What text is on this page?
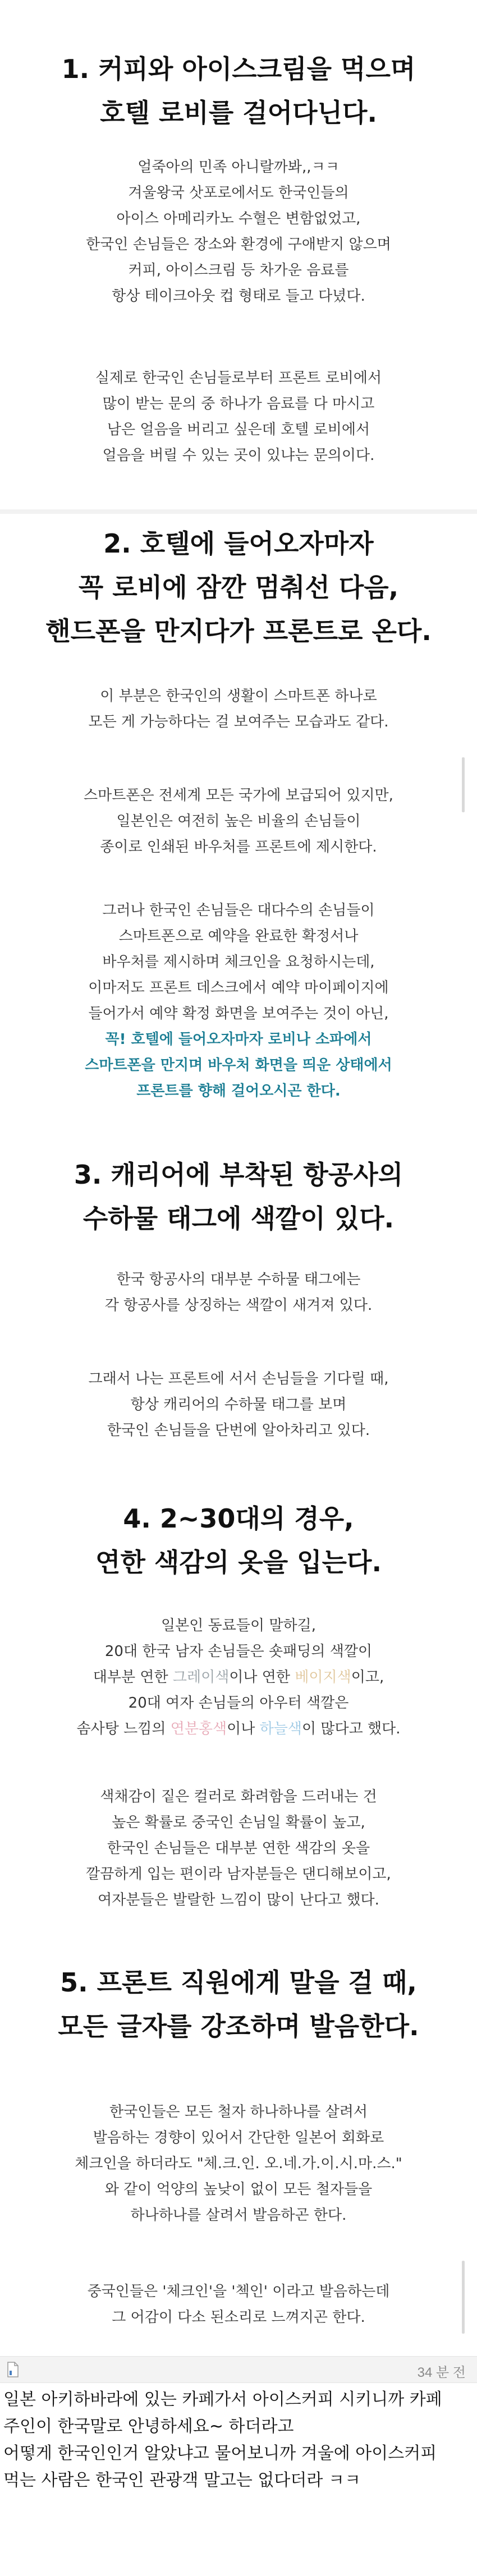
1. 커피와 아이스크림을 먹으며
호텔 로비를 걸어다닌다.
얼죽아의 민족 아니랄까봐,,ㅋㅋ
겨울왕국 삿포로에서도 한국인들의
아이스 아메리카노 수혈은 변함없었고,
한국인 손님들은 장소와 환경에 구애받지 않으며
커피, 아이스크림 등 차가운 음료를
항상 테이크아웃 컵 형태로 들고 다녔다.
실제로 한국인 손님들로부터 프론트 로비에서
많이 받는 문의 중 하나가 음료를 다 마시고
남은 얼음을 버리고 싶은데 호텔 로비에서
얼음을 버릴 수 있는 곳이 있냐는 문의이다.
2. 호텔에 들어오자마자
꼭 로비에 잠깐 멈춰선 다음,
핸드폰을 만지다가 프론트로 온다.
이 부분은 한국인의 생활이 스마트폰 하나로
모든 게 가능하다는 걸 보여주는 모습과도 같다.
스마트폰은 전세계 모든 국가에 보급되어 있지만,
일본인은 여전히 높은 비율의 손님들이
종이로 인쇄된 바우처를 프론트에 제시한다.
그러나 한국인 손님들은 대다수의 손님들이
스마트폰으로 예약을 완료한 확정서나
바우처를 제시하며 체크인을 요청하시는데,
이마저도 프론트 데스크에서 예약 마이페이지에
들어가서 예약 확정 화면을 보여주는 것이 아닌,
꼭! 호텔에 들어오자마자 로비나 소파에서
스마트폰을 만지며 바우처 화면을 띄운 상태에서
프론트를 향해 걸어오시곤 한다.
3. 캐리어에 부착된 항공사의
수하물 태그에 색깔이 있다.
한국 항공사의 대부분 수하물 태그에는
각 항공사를 상징하는 색깔이 새겨져 있다.
그래서 나는 프론트에 서서 손님들을 기다릴 때,
항상 캐리어의 수하물 태그를 보며
한국인 손님들을 단번에 알아차리고 있다.
4. 2~30대의 경우,
연한 색감의 옷을 입는다.
일본인 동료들이 말하길,
20대 한국 남자 손님들은 숏패딩의 색깔이
대부분 연한 그레이색이나 연한 베이지색이고,
20대 여자 손님들의 아우터 색깔은
솜사탕 느낌의 연분홍색이나 하늘색이 많다고 했다.
색채감이 짙은 컬러로 화려함을 드러내는 건
높은 확률로 중국인 손님일 확률이 높고,
한국인 손님들은 대부분 연한 색감의 옷을
깔끔하게 입는 편이라 남자분들은 댄디해보이고,
여자분들은 발랄한 느낌이 많이 난다고 했다.
5. 프론트 직원에게 말을 걸 때,
모든 글자를 강조하며 발음한다.
한국인들은 모든 철자 하나하나를 살려서
발음하는 경향이 있어서 간단한 일본어 회화로
체크인을 하더라도 "체.크.인. 오.네.가.이.시.마.스."
와 같이 억양의 높낮이 없이 모든 철자들을
하나하나를 살려서 발음하곤 한다.
중국인들은 '체크인'을 '첵인' 이라고 발음하는데
그 어감이 다소 된소리로 느껴지곤 한다.
34 분 전
일본 아키하바라에 있는 카페가서 아이스커피 시키니까 카페
주인이 한국말로 안녕하세요~ 하더라고
어떻게 한국인인거 알았냐고 물어보니까 겨울에 아이스커피
먹는 사람은 한국인 관광객 말고는 없다더라 ㅋㅋ
